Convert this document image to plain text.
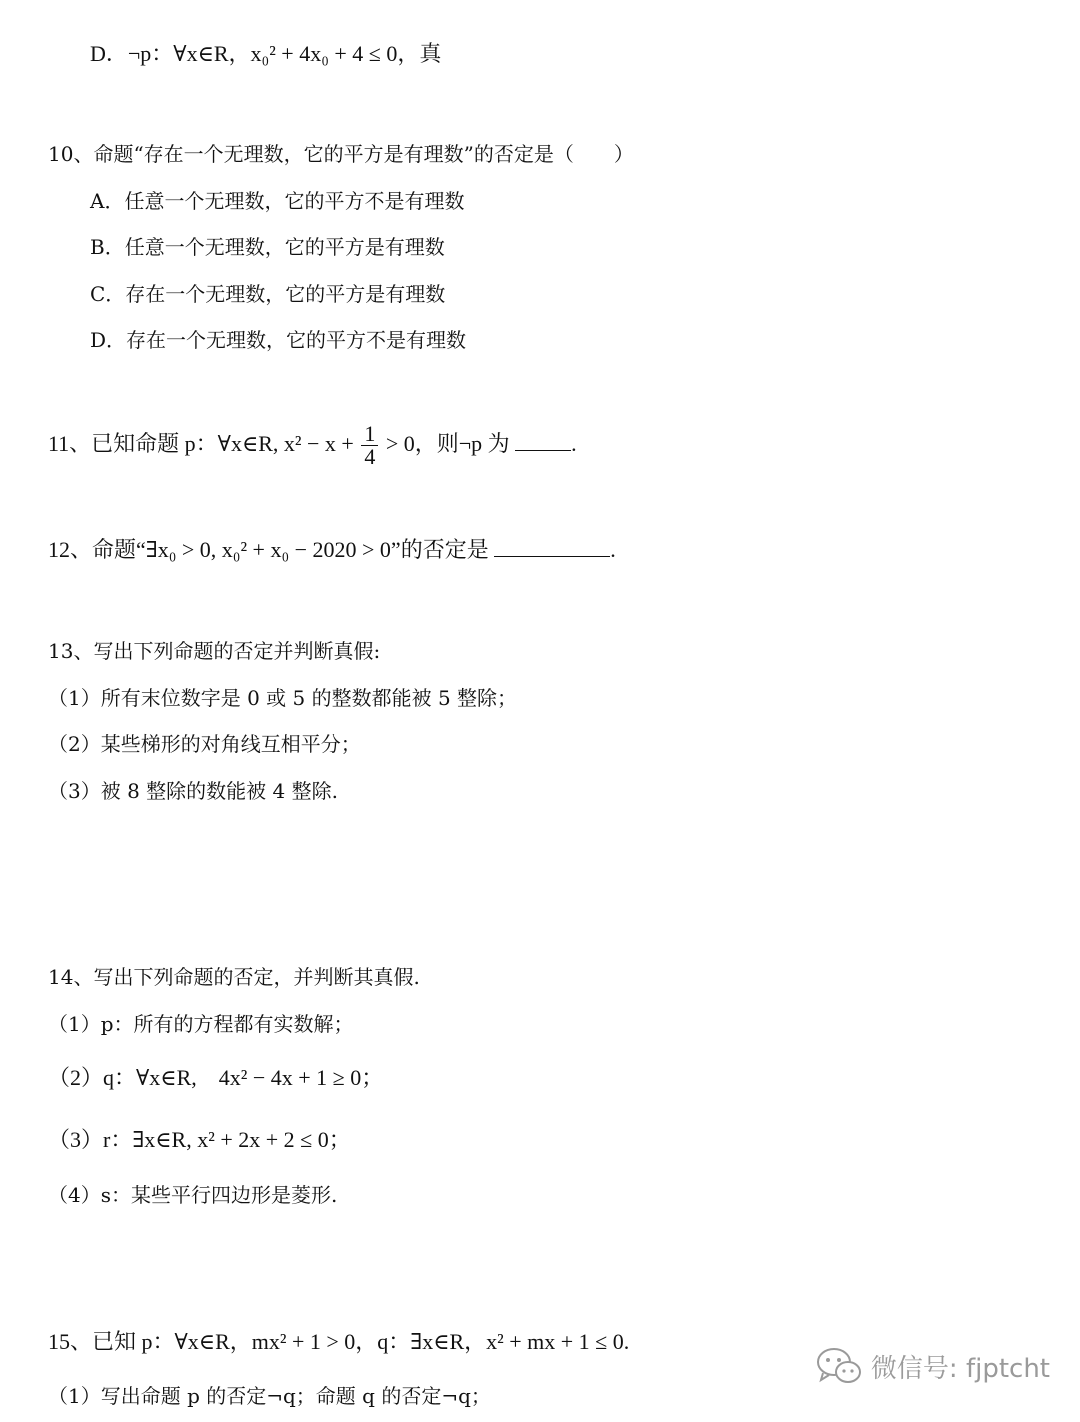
D．¬p：∀x∈R，x₀² + 4x₀ + 4 ≤ 0，真
10、命题“存在一个无理数，它的平方是有理数”的否定是（　　）
A．任意一个无理数，它的平方不是有理数
B．任意一个无理数，它的平方是有理数
C．存在一个无理数，它的平方是有理数
D．存在一个无理数，它的平方不是有理数
11、已知命题 p：∀x∈R, $x^2 - x + \frac{1}{4} > 0$，则¬p 为	.
12、命题“∃x₀ > 0, x₀² + x₀ − 2020 > 0”的否定是	.
13、写出下列命题的否定并判断真假:
（1）所有末位数字是 0 或 5 的整数都能被 5 整除；
（2）某些梯形的对角线互相平分；
（3）被 8 整除的数能被 4 整除.
14、写出下列命题的否定，并判断其真假.
（1）p：所有的方程都有实数解；
（2）q：∀x∈R,　4x² − 4x + 1 ≥ 0；
（3）r：∃x∈R, x² + 2x + 2 ≤ 0；
（4）s：某些平行四边形是菱形.
15、已知 p：∀x∈R，mx² + 1 > 0，q：∃x∈R，x² + mx + 1 ≤ 0.
（1）写出命题 p 的否定¬q；命题 q 的否定¬q；
微信号: fjptcht
